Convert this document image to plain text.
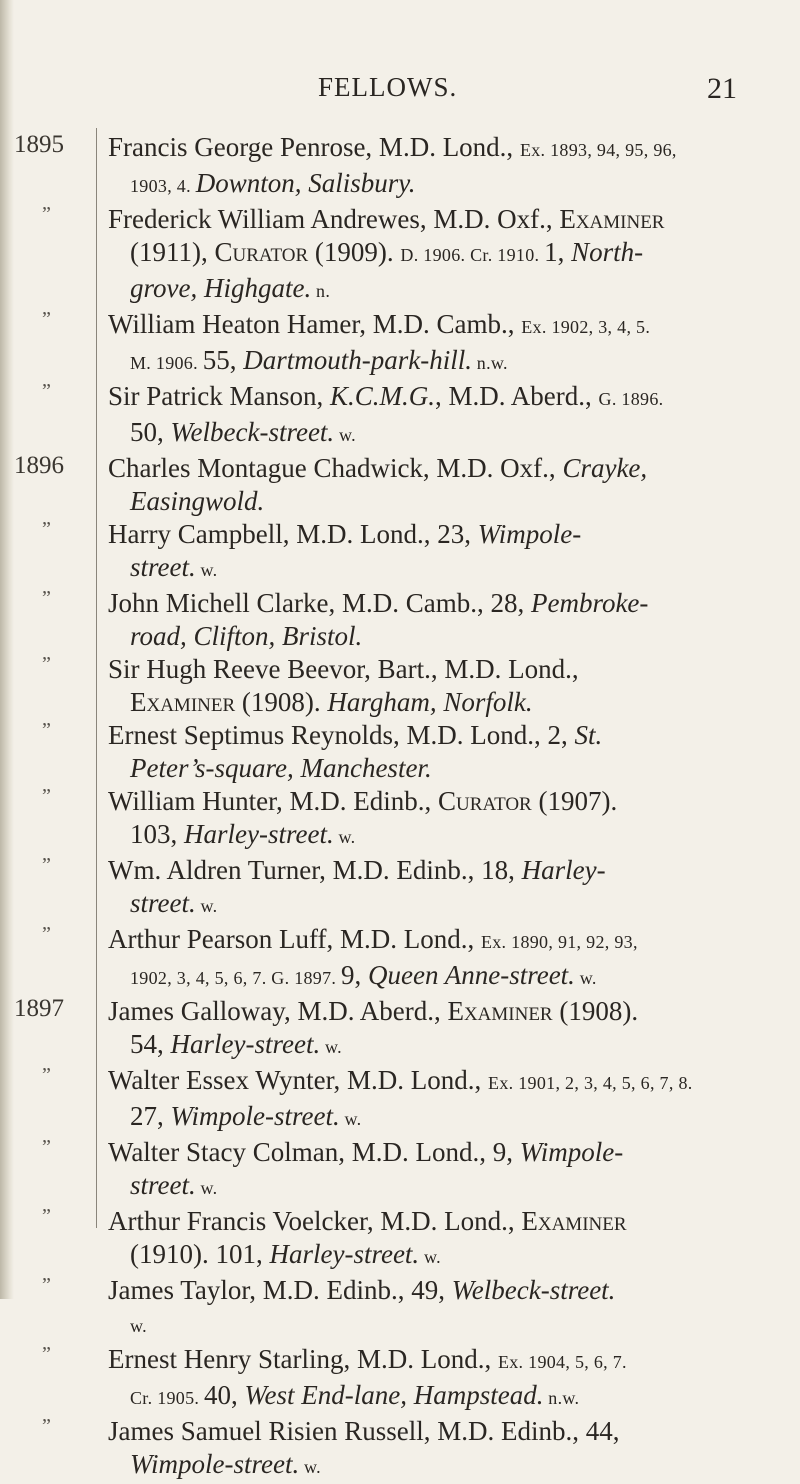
FELLOWS.	21
1895	Francis George Penrose, M.D. Lond., Ex. 1893, 94, 95, 96,
1903, 4. Downton, Salisbury.
”	Frederick William Andrewes, M.D. Oxf., Examiner
(1911), Curator (1909). D. 1906. Cr. 1910. 1, North-
grove, Highgate. n.
”	William Heaton Hamer, M.D. Camb., Ex. 1902, 3, 4, 5.
M. 1906. 55, Dartmouth-park-hill. n.w.
”	Sir Patrick Manson, K.C.M.G., M.D. Aberd., G. 1896.
50, Welbeck-street. w.
1896	Charles Montague Chadwick, M.D. Oxf., Crayke,
Easingwold.
”	Harry Campbell, M.D. Lond., 23, Wimpole-
street. w.
”	John Michell Clarke, M.D. Camb., 28, Pembroke-
road, Clifton, Bristol.
”	Sir Hugh Reeve Beevor, Bart., M.D. Lond.,
Examiner (1908). Hargham, Norfolk.
”	Ernest Septimus Reynolds, M.D. Lond., 2, St.
Peter’s-square, Manchester.
”	William Hunter, M.D. Edinb., Curator (1907).
103, Harley-street. w.
”	Wm. Aldren Turner, M.D. Edinb., 18, Harley-
street. w.
”	Arthur Pearson Luff, M.D. Lond., Ex. 1890, 91, 92, 93,
1902, 3, 4, 5, 6, 7. G. 1897. 9, Queen Anne-street. w.
1897	James Galloway, M.D. Aberd., Examiner (1908).
54, Harley-street. w.
”	Walter Essex Wynter, M.D. Lond., Ex. 1901, 2, 3, 4, 5, 6, 7, 8.
27, Wimpole-street. w.
”	Walter Stacy Colman, M.D. Lond., 9, Wimpole-
street. w.
”	Arthur Francis Voelcker, M.D. Lond., Examiner
(1910). 101, Harley-street. w.
”	James Taylor, M.D. Edinb., 49, Welbeck-street.
w.
”	Ernest Henry Starling, M.D. Lond., Ex. 1904, 5, 6, 7.
Cr. 1905. 40, West End-lane, Hampstead. n.w.
”	James Samuel Risien Russell, M.D. Edinb., 44,
Wimpole-street. w.
